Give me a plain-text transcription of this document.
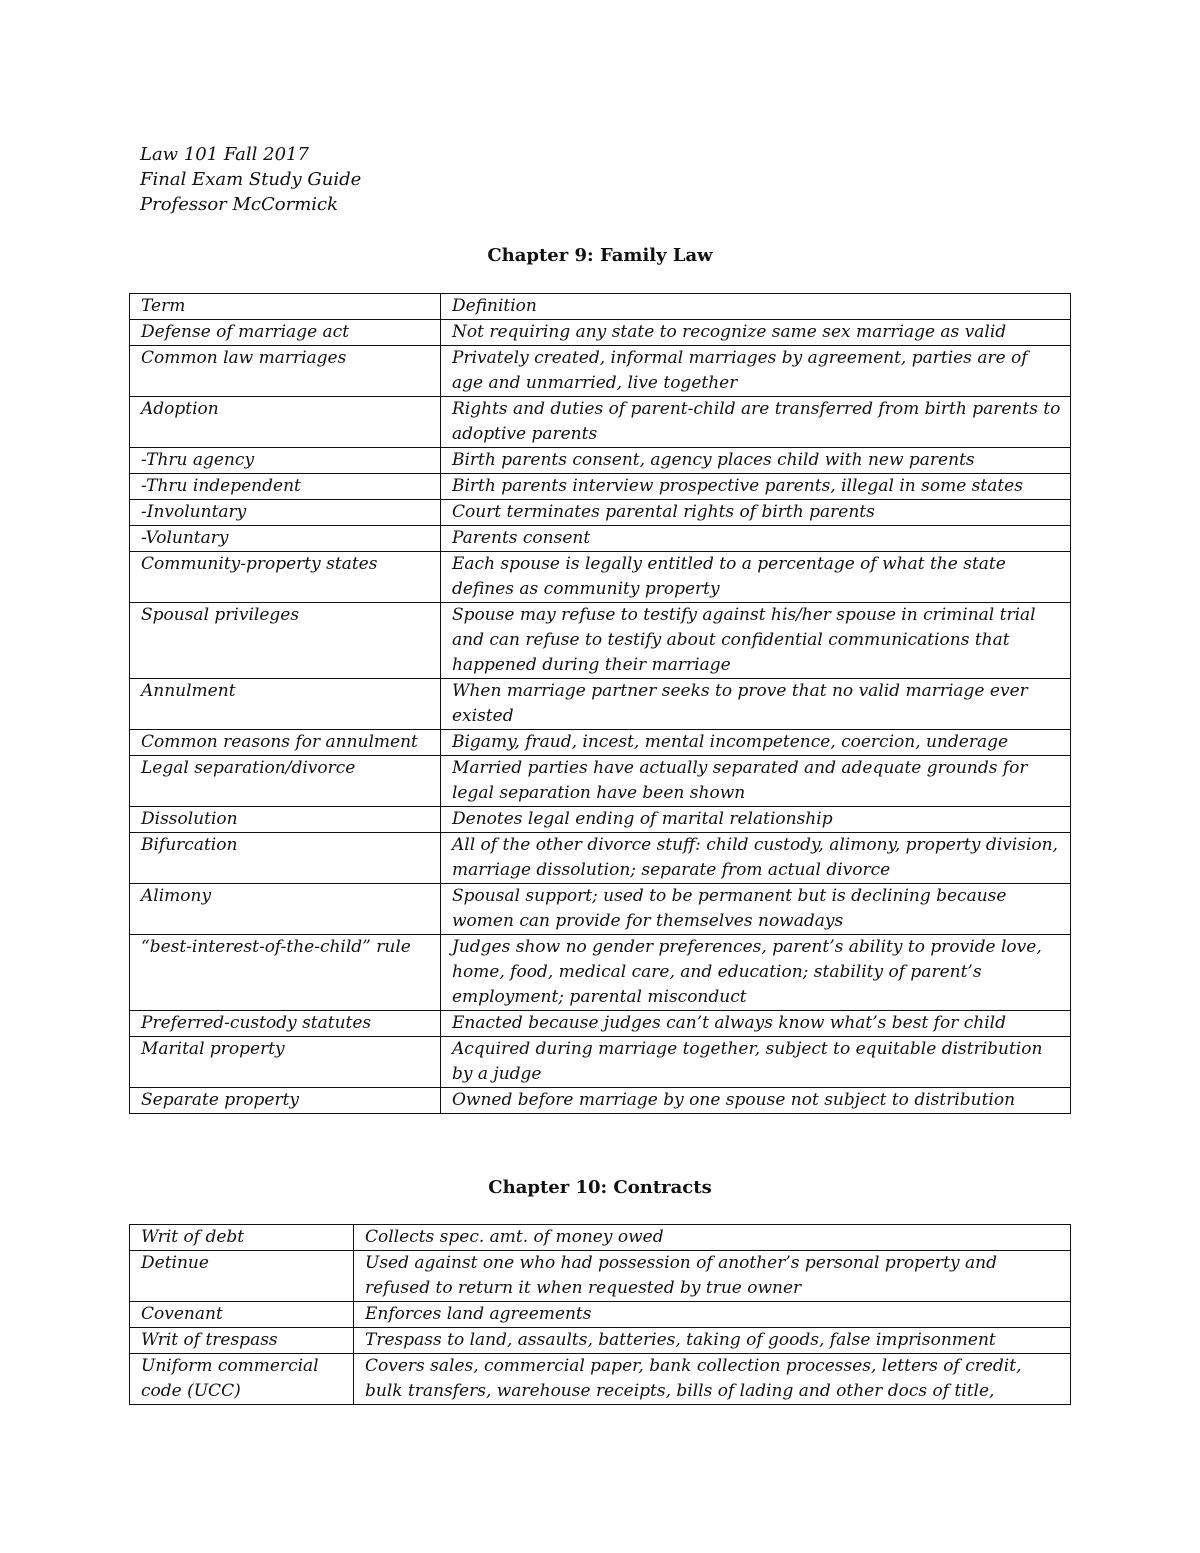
Law 101 Fall 2017
Final Exam Study Guide
Professor McCormick
Chapter 9: Family Law
Term	Definition
Defense of marriage act	Not requiring any state to recognize same sex marriage as valid
Common law marriages	Privately created, informal marriages by agreement, parties are of age and unmarried, live together
Adoption	Rights and duties of parent-child are transferred from birth parents to adoptive parents
-Thru agency	Birth parents consent, agency places child with new parents
-Thru independent	Birth parents interview prospective parents, illegal in some states
-Involuntary	Court terminates parental rights of birth parents
-Voluntary	Parents consent
Community-property states	Each spouse is legally entitled to a percentage of what the state defines as community property
Spousal privileges	Spouse may refuse to testify against his/her spouse in criminal trial and can refuse to testify about confidential communications that happened during their marriage
Annulment	When marriage partner seeks to prove that no valid marriage ever existed
Common reasons for annulment	Bigamy, fraud, incest, mental incompetence, coercion, underage
Legal separation/divorce	Married parties have actually separated and adequate grounds for legal separation have been shown
Dissolution	Denotes legal ending of marital relationship
Bifurcation	All of the other divorce stuff: child custody, alimony, property division, marriage dissolution; separate from actual divorce
Alimony	Spousal support; used to be permanent but is declining because women can provide for themselves nowadays
“best-interest-of-the-child” rule	Judges show no gender preferences, parent’s ability to provide love, home, food, medical care, and education; stability of parent’s employment; parental misconduct
Preferred-custody statutes	Enacted because judges can’t always know what’s best for child
Marital property	Acquired during marriage together, subject to equitable distribution by a judge
Separate property	Owned before marriage by one spouse not subject to distribution
Chapter 10: Contracts
Writ of debt	Collects spec. amt. of money owed
Detinue	Used against one who had possession of another’s personal property and refused to return it when requested by true owner
Covenant	Enforces land agreements
Writ of trespass	Trespass to land, assaults, batteries, taking of goods, false imprisonment
Uniform commercial code (UCC)	Covers sales, commercial paper, bank collection processes, letters of credit, bulk transfers, warehouse receipts, bills of lading and other docs of title,
